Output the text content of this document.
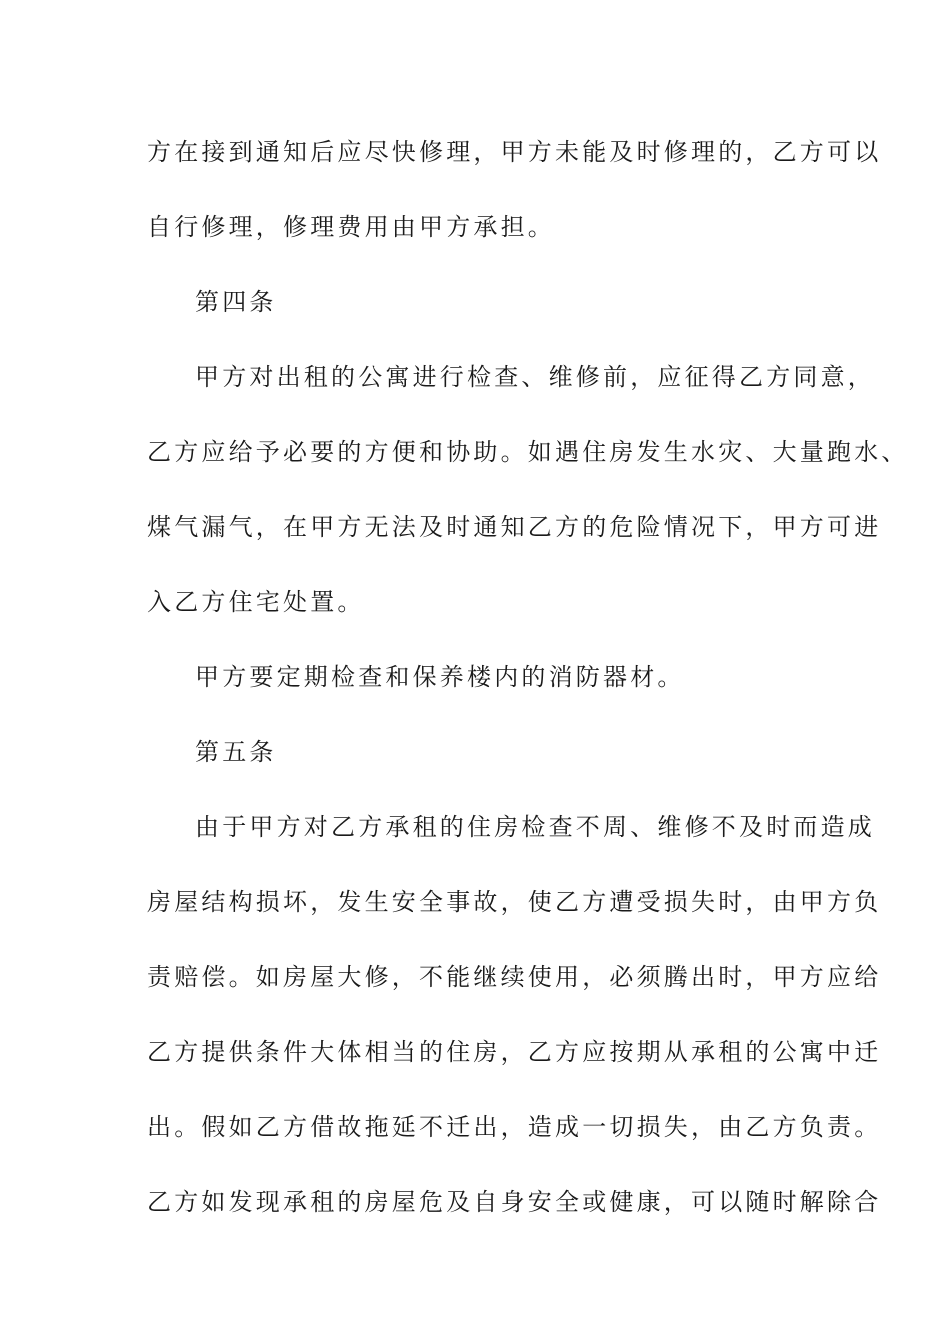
方在接到通知后应尽快修理，甲方未能及时修理的，乙方可以
自行修理，修理费用由甲方承担。
第四条
甲方对出租的公寓进行检查、维修前，应征得乙方同意，
乙方应给予必要的方便和协助。如遇住房发生水灾、大量跑水、
煤气漏气，在甲方无法及时通知乙方的危险情况下，甲方可进
入乙方住宅处置。
甲方要定期检查和保养楼内的消防器材。
第五条
由于甲方对乙方承租的住房检查不周、维修不及时而造成
房屋结构损坏，发生安全事故，使乙方遭受损失时，由甲方负
责赔偿。如房屋大修，不能继续使用，必须腾出时，甲方应给
乙方提供条件大体相当的住房，乙方应按期从承租的公寓中迁
出。假如乙方借故拖延不迁出，造成一切损失，由乙方负责。
乙方如发现承租的房屋危及自身安全或健康，可以随时解除合
